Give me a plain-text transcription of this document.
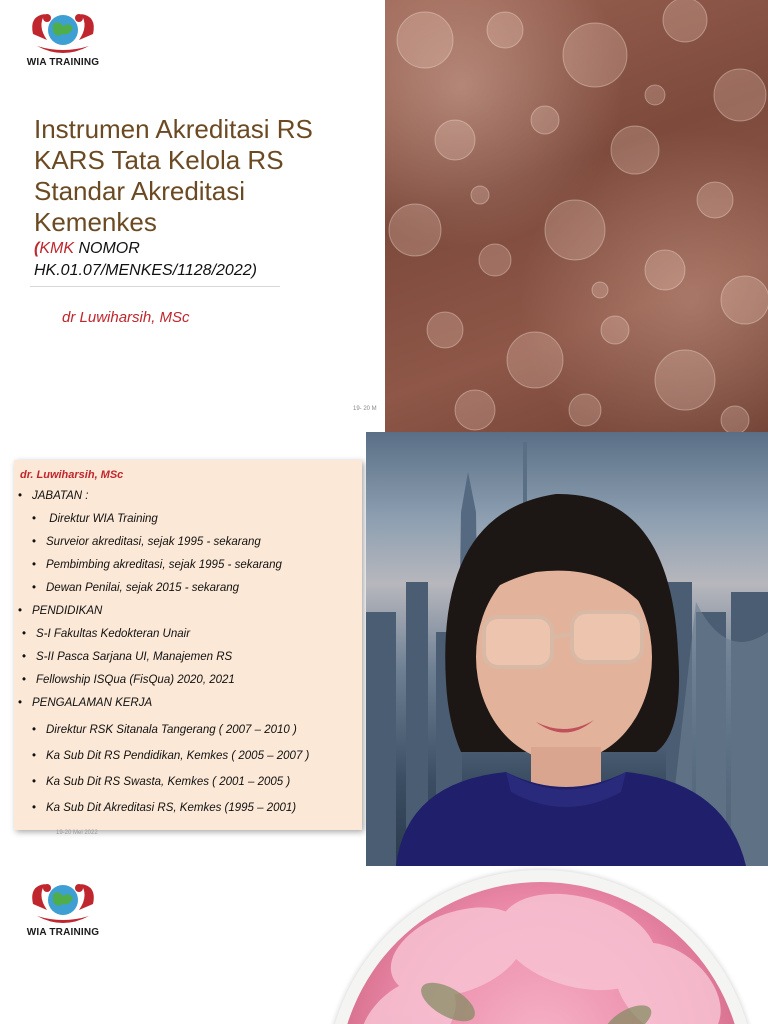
WIA TRAINING
Instrumen Akreditasi RS
KARS Tata Kelola RS
Standar Akreditasi
Kemenkes
(KMK NOMOR
HK.01.07/MENKES/1128/2022)
dr Luwiharsih, MSc
19- 20 M
dr. Luwiharsih, MSc
• JABATAN :
• Direktur WIA Training
• Surveior akreditasi, sejak 1995 - sekarang
• Pembimbing akreditasi, sejak 1995 - sekarang
• Dewan Penilai, sejak 2015 - sekarang
• PENDIDIKAN
• S-I Fakultas Kedokteran Unair
• S-II Pasca Sarjana UI, Manajemen RS
• Fellowship ISQua (FisQua) 2020, 2021
• PENGALAMAN KERJA
• Direktur RSK Sitanala Tangerang ( 2007 – 2010 )
• Ka Sub Dit RS Pendidikan, Kemkes ( 2005 – 2007 )
• Ka Sub Dit RS Swasta, Kemkes ( 2001 – 2005 )
• Ka Sub Dit Akreditasi RS, Kemkes (1995 – 2001)
19-20 Mei 2022
WIA TRAINING
